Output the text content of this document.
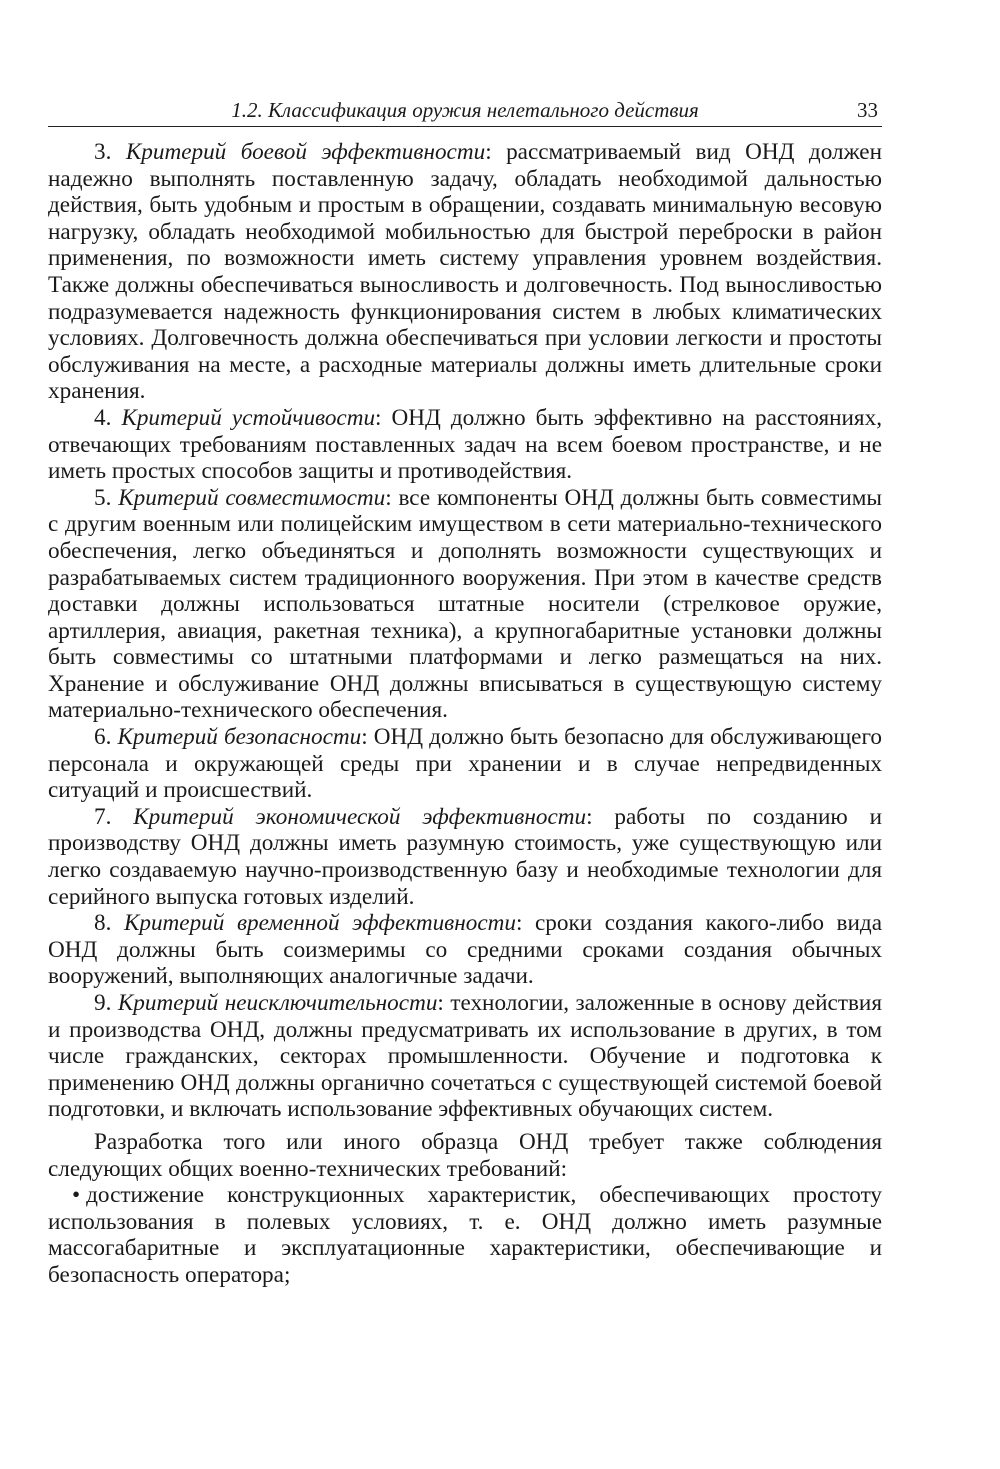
1.2. Классификация оружия нелетального действия	33

3. Критерий боевой эффективности: рассматриваемый вид ОНД должен надежно выполнять поставленную задачу, обладать необходимой дальностью действия, быть удобным и простым в обращении, создавать минимальную весовую нагрузку, обладать необходимой мобильностью для быстрой переброски в район применения, по возможности иметь систему управления уровнем воздействия. Также должны обеспечиваться выносливость и долговечность. Под выносливостью подразумевается надежность функционирования систем в любых климатических условиях. Долговечность должна обеспечиваться при условии легкости и простоты обслуживания на месте, а расходные материалы должны иметь длительные сроки хранения.

4. Критерий устойчивости: ОНД должно быть эффективно на расстояниях, отвечающих требованиям поставленных задач на всем боевом пространстве, и не иметь простых способов защиты и противодействия.

5. Критерий совместимости: все компоненты ОНД должны быть совместимы с другим военным или полицейским имуществом в сети материально-технического обеспечения, легко объединяться и дополнять возможности существующих и разрабатываемых систем традиционного вооружения. При этом в качестве средств доставки должны использоваться штатные носители (стрелковое оружие, артиллерия, авиация, ракетная техника), а крупногабаритные установки должны быть совместимы со штатными платформами и легко размещаться на них. Хранение и обслуживание ОНД должны вписываться в существующую систему материально-технического обеспечения.

6. Критерий безопасности: ОНД должно быть безопасно для обслуживающего персонала и окружающей среды при хранении и в случае непредвиденных ситуаций и происшествий.

7. Критерий экономической эффективности: работы по созданию и производству ОНД должны иметь разумную стоимость, уже существующую или легко создаваемую научно-производственную базу и необходимые технологии для серийного выпуска готовых изделий.

8. Критерий временной эффективности: сроки создания какого-либо вида ОНД должны быть соизмеримы со средними сроками создания обычных вооружений, выполняющих аналогичные задачи.

9. Критерий неисключительности: технологии, заложенные в основу действия и производства ОНД, должны предусматривать их использование в других, в том числе гражданских, секторах промышленности. Обучение и подготовка к применению ОНД должны органично сочетаться с существующей системой боевой подготовки, и включать использование эффективных обучающих систем.

Разработка того или иного образца ОНД требует также соблюдения следующих общих военно-технических требований:

• достижение конструкционных характеристик, обеспечивающих простоту использования в полевых условиях, т. е. ОНД должно иметь разумные массогабаритные и эксплуатационные характеристики, обеспечивающие и безопасность оператора;
